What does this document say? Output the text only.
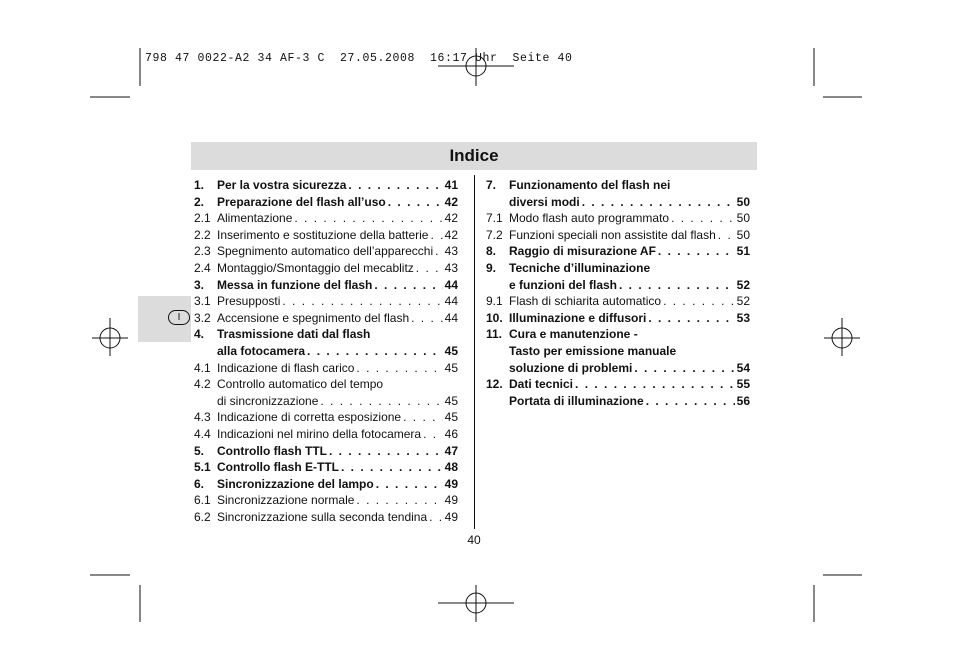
798 47 0022-A2 34 AF-3 C  27.05.2008  16:17 Uhr  Seite 40
Indice
I
1.	Per la vostra sicurezza . . .	41
2.	Preparazione del flash all’uso . . .	42
2.1 Alimentazione . . .	42
2.2 Inserimento e sostituzione della batterie . . . 42
2.3 Spegnimento automatico dell’apparecchi . . . 43
2.4 Montaggio/Smontaggio del mecablitz . . .	43
3.	Messa in funzione del flash . . .	44
3.1 Presupposti . . .	44
3.2 Accensione e spegnimento del flash . . .	44
4.	Trasmissione dati dal flash
alla fotocamera . . .	45
4.1 Indicazione di flash carico . . .	45
4.2 Controllo automatico del tempo
di sincronizzazione . . .	45
4.3 Indicazione di corretta esposizione . . .	45
4.4 Indicazioni nel mirino della fotocamera . . . 46
5.	Controllo flash TTL . . .	47
5.1 Controllo flash E-TTL . . .	48
6.	Sincronizzazione del lampo . . .	49
6.1 Sincronizzazione normale . . .	49
6.2 Sincronizzazione sulla seconda tendina . . . 49
7.	Funzionamento del flash nei
diversi modi . . .	50
7.1 Modo flash auto programmato . . .	50
7.2 Funzioni speciali non assistite dal flash . . . 50
8.	Raggio di misurazione AF . . .	51
9.	Tecniche d’illuminazione
e funzioni del flash . . .	52
9.1 Flash di schiarita automatico . . .	52
10. Illuminazione e diffusori . . .	53
11. Cura e manutenzione -
Tasto per emissione manuale
soluzione di problemi . . .	54
12. Dati tecnici . . .	55
Portata di illuminazione . . .	56
40
